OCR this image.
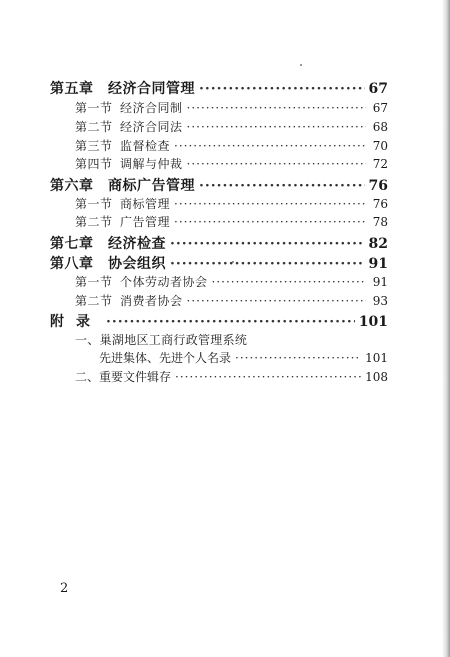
第五章　经济合同管理 ·····	67
第一节 经济合同制 ·····	67
第二节 经济合同法 ·····	68
第三节 监督检查 ·····	70
第四节 调解与仲裁 ·····	72
第六章　商标广告管理 ·····	76
第一节 商标管理 ·····	76
第二节 广告管理 ·····	78
第七章　经济检查 ·····	82
第八章　协会组织 ·····	91
第一节 个体劳动者协会 ·····	91
第二节 消费者协会 ·····	93
附录 ·····	101
一、巢湖地区工商行政管理系统
先进集体、先进个人名录 ·····	101
二、重要文件辑存 ·····	108
2
